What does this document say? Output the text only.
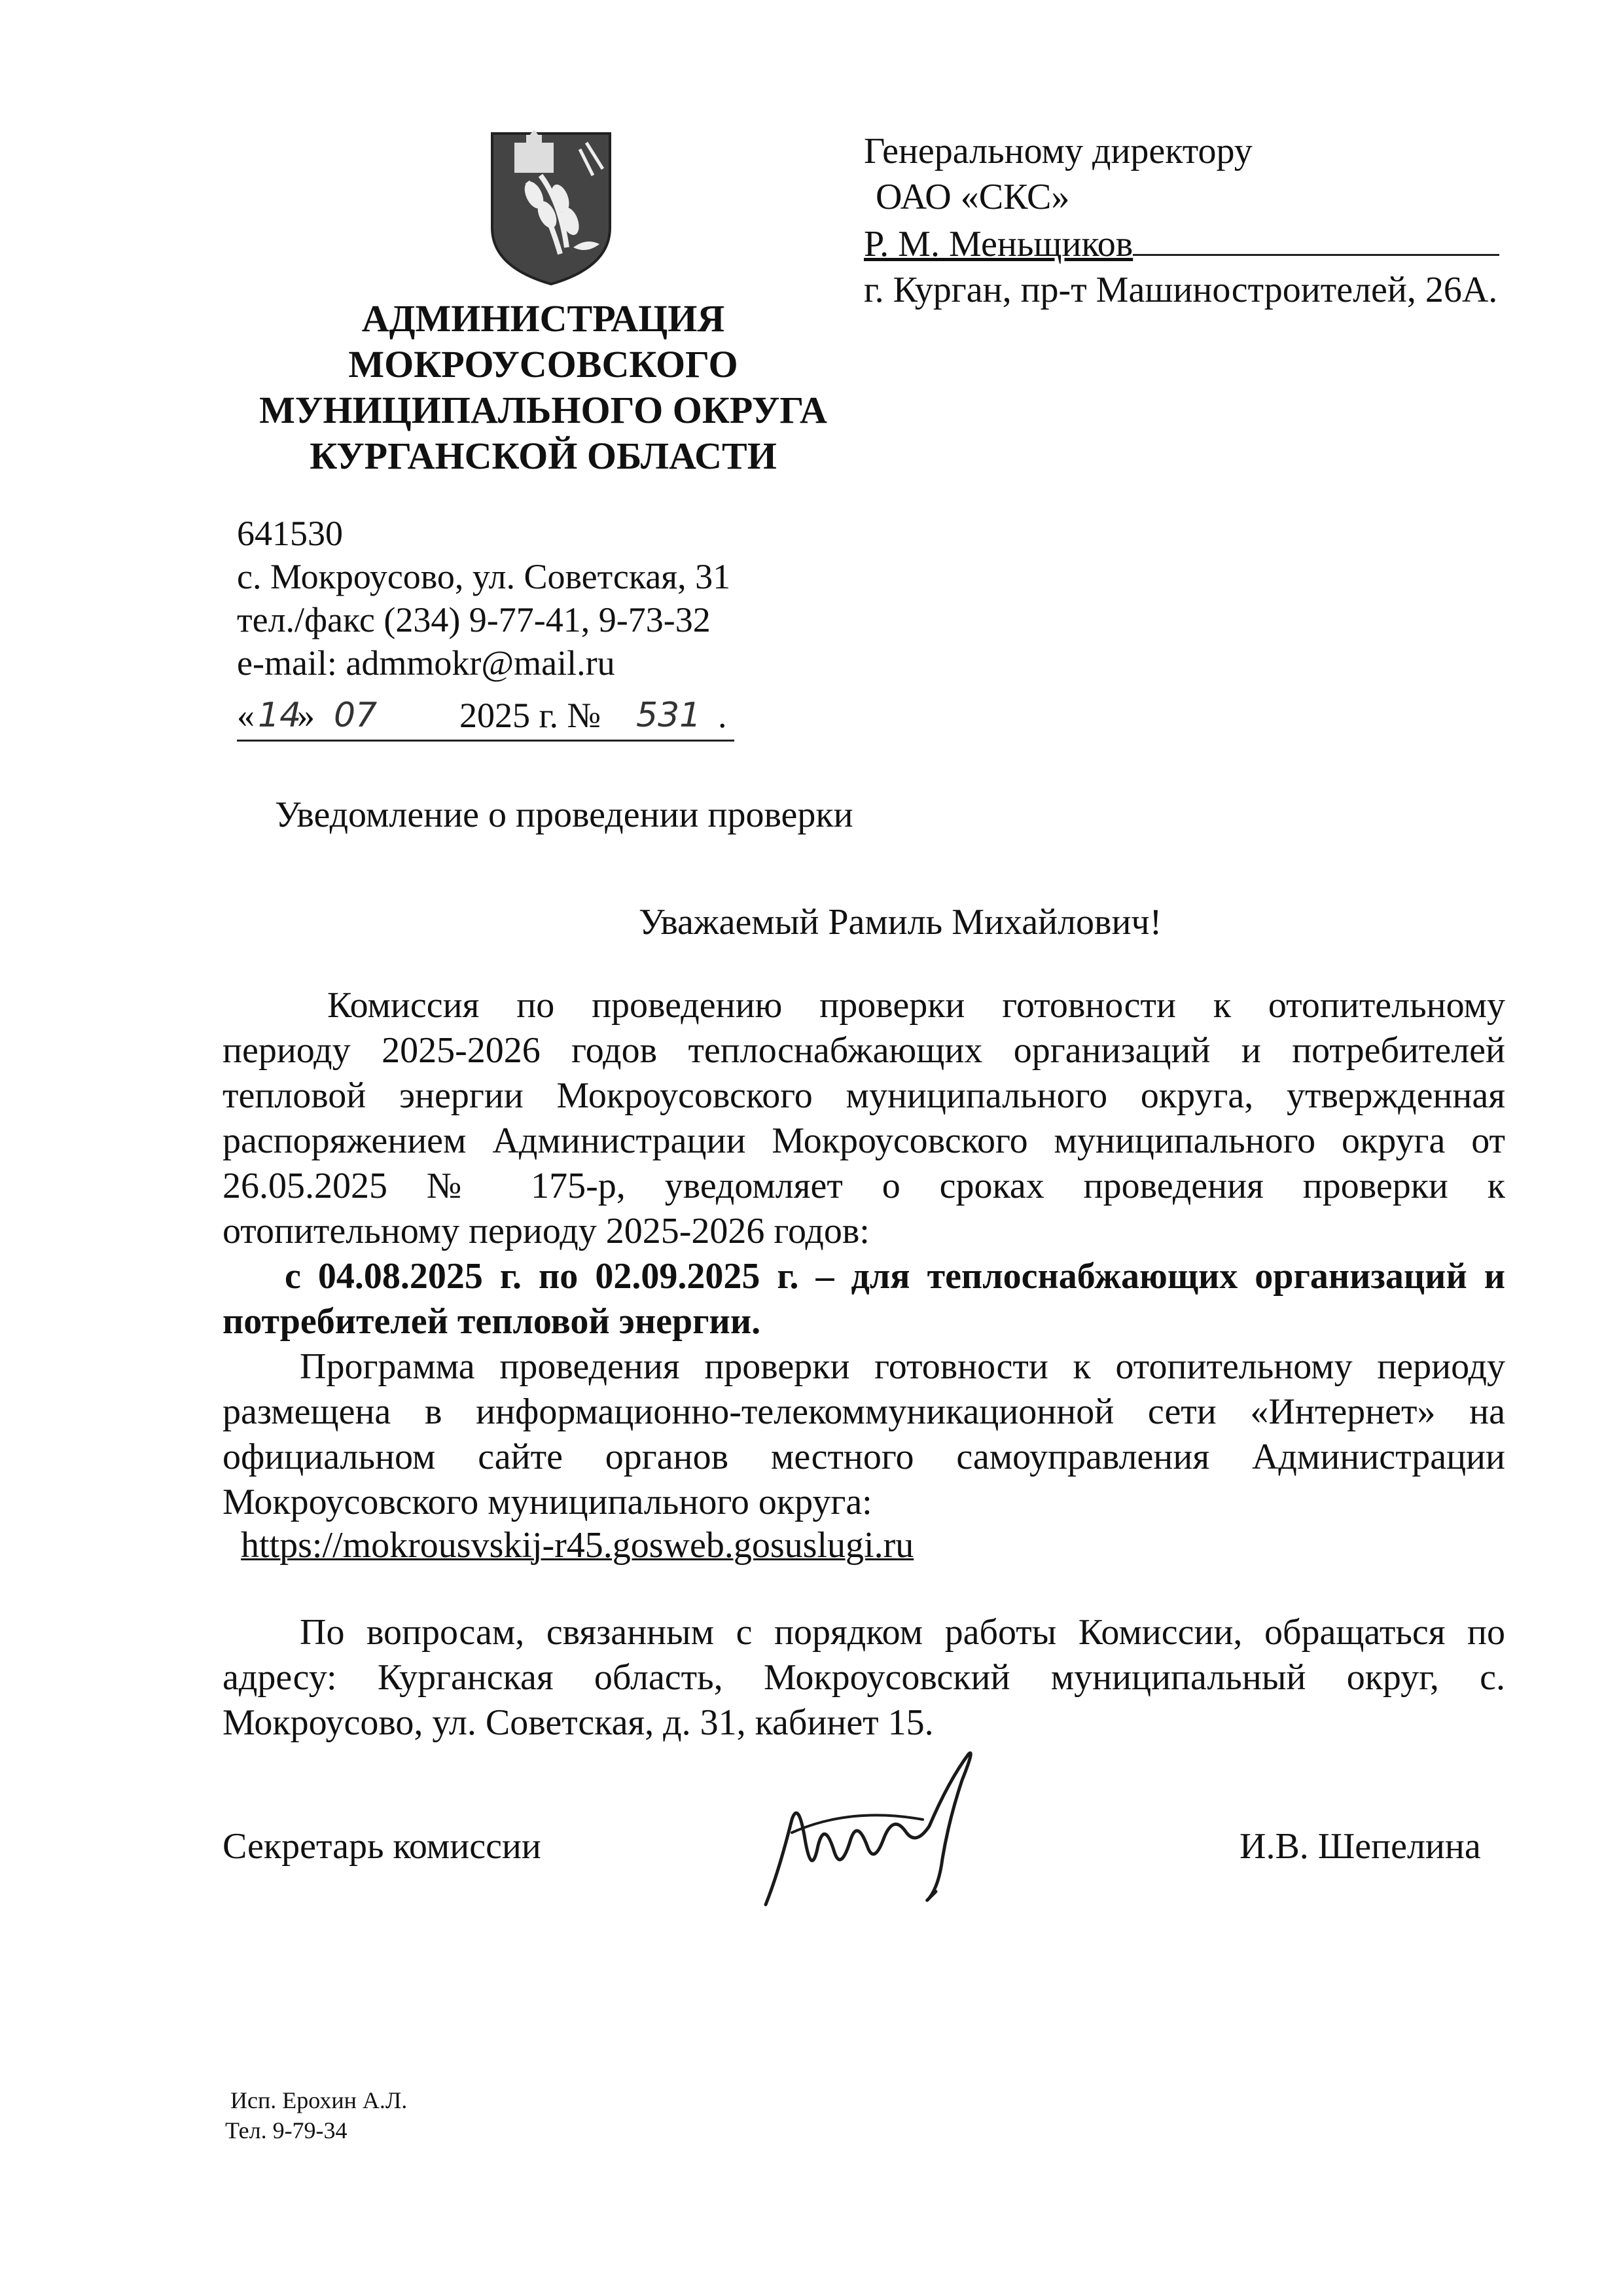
АДМИНИСТРАЦИЯ
МОКРОУСОВСКОГО
МУНИЦИПАЛЬНОГО ОКРУГА
КУРГАНСКОЙ ОБЛАСТИ
641530
с. Мокроусово, ул. Советская, 31
тел./факс (234) 9-77-41, 9-73-32
e-mail: admmokr@mail.ru
« 14
» 07 2025 г. № 531 .
Генеральному директору
ОАО «СКС»
Р. М. Меньщиков
г. Курган, пр-т Машиностроителей, 26А.
Уведомление о проведении проверки
Уважаемый Рамиль Михайлович!

Комиссия по проведению проверки готовности к отопительному

периоду 2025-2026 годов теплоснабжающих организаций и потребителей

тепловой энергии Мокроусовского муниципального округа, утвержденная

распоряжением Администрации Мокроусовского муниципального округа от

26.05.2025 № 175-р, уведомляет о сроках проведения проверки к

отопительному периоду 2025-2026 годов:

с 04.08.2025 г. по 02.09.2025 г. – для теплоснабжающих организаций и

потребителей тепловой энергии.

Программа проведения проверки готовности к отопительному периоду

размещена в информационно-телекоммуникационной сети «Интернет» на

официальном сайте органов местного самоуправления Администрации

Мокроусовского муниципального округа:

https://mokrousvskij-r45.gosweb.gosuslugi.ru

По вопросам, связанным с порядком работы Комиссии, обращаться по

адресу: Курганская область, Мокроусовский муниципальный округ, с.

Мокроусово, ул. Советская, д. 31, кабинет 15.

Секретарь комиссии	И.В. Шепелина
Исп. Ерохин А.Л.
Тел. 9-79-34
